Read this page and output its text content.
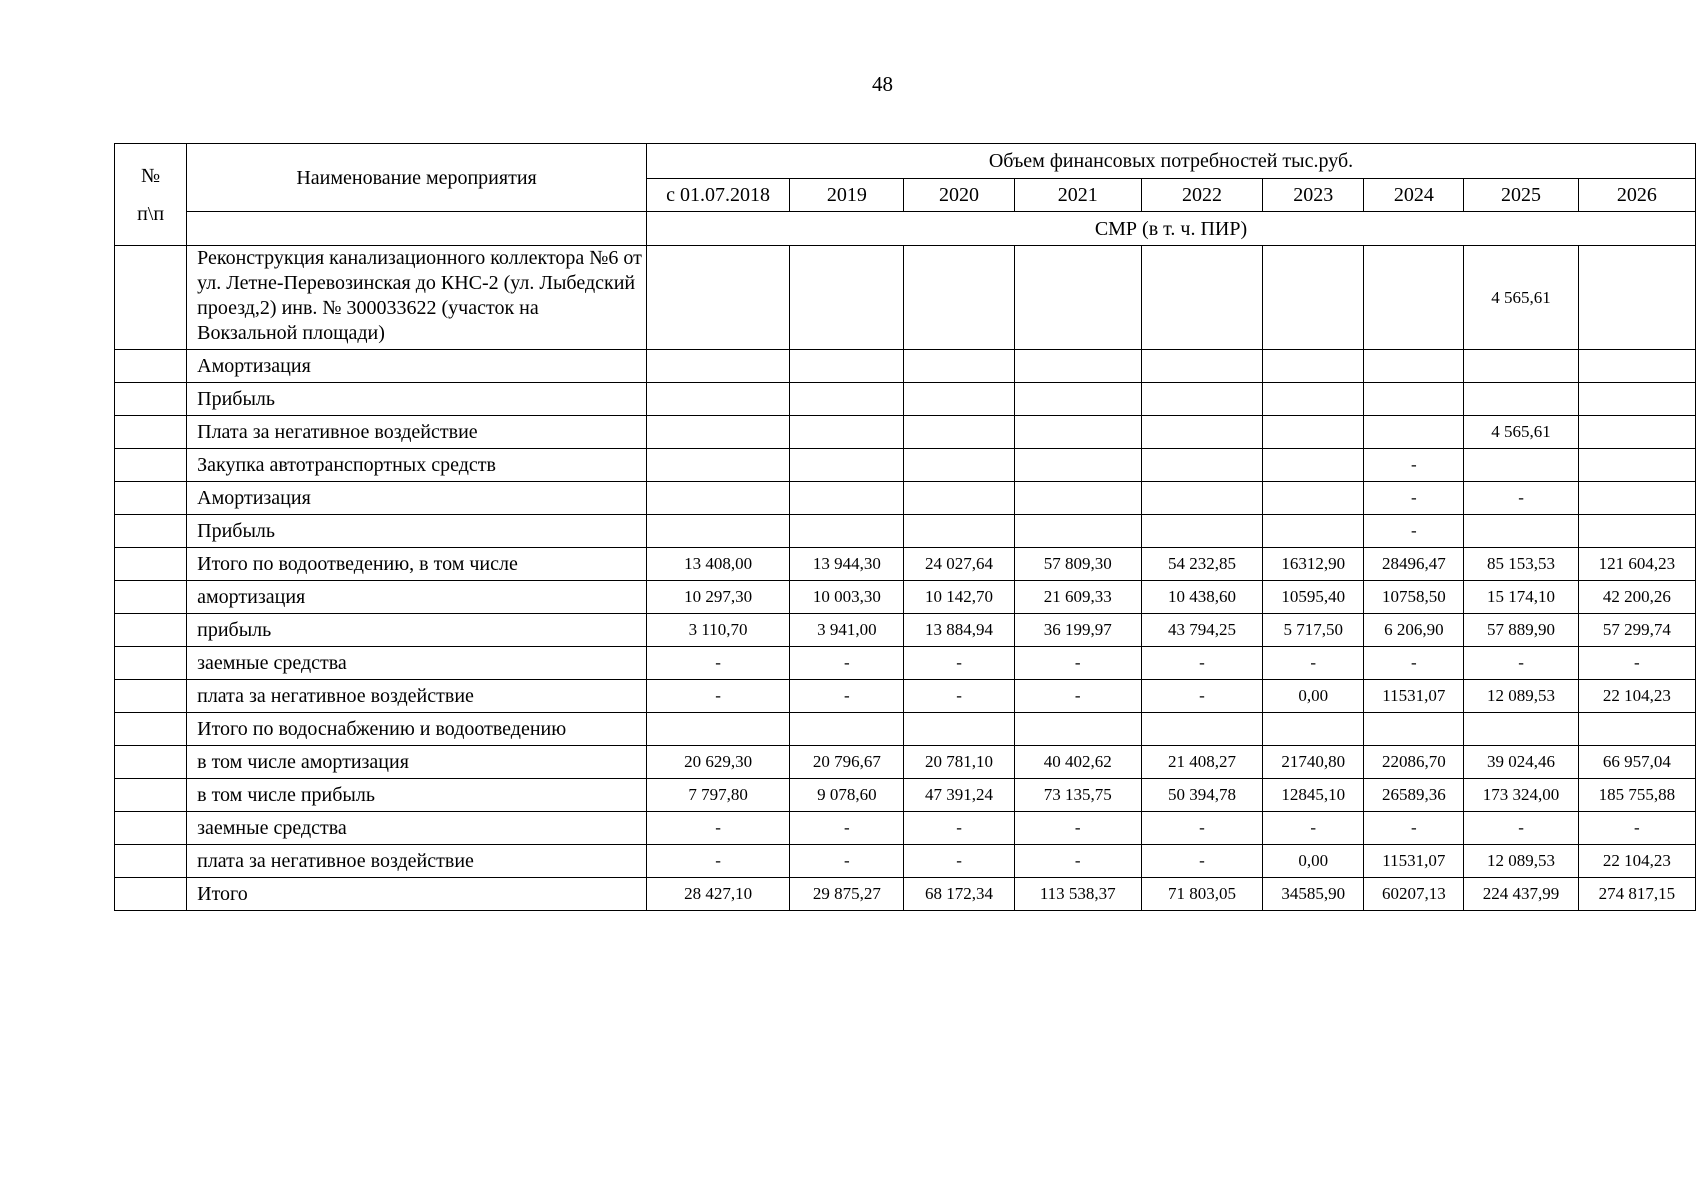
48
№
п\п	Наименование мероприятия	Объем финансовых потребностей тыс.руб.								
		с 01.07.2018	2019	2020	2021	2022	2023	2024	2025	2026
		СМР (в т. ч. ПИР)								
	Реконструкция канализационного коллектора №6 от ул. Летне-Перевозинская до КНС-2 (ул. Лыбедский проезд,2) инв. № 300033622 (участок на Вокзальной площади)								4 565,61	
	Амортизация									
	Прибыль									
	Плата за негативное воздействие								4 565,61	
	Закупка автотранспортных средств							-		
	Амортизация							-	-	
	Прибыль							-		
	Итого по водоотведению, в том числе	13 408,00	13 944,30	24 027,64	57 809,30	54 232,85	16312,90	28496,47	85 153,53	121 604,23
	амортизация	10 297,30	10 003,30	10 142,70	21 609,33	10 438,60	10595,40	10758,50	15 174,10	42 200,26
	прибыль	3 110,70	3 941,00	13 884,94	36 199,97	43 794,25	5 717,50	6 206,90	57 889,90	57 299,74
	заемные средства	-	-	-	-	-	-	-	-	-
	плата за негативное воздействие	-	-	-	-	-	0,00	11531,07	12 089,53	22 104,23
	Итого по водоснабжению и водоотведению									
	в том числе амортизация	20 629,30	20 796,67	20 781,10	40 402,62	21 408,27	21740,80	22086,70	39 024,46	66 957,04
	в том числе прибыль	7 797,80	9 078,60	47 391,24	73 135,75	50 394,78	12845,10	26589,36	173 324,00	185 755,88
	заемные средства	-	-	-	-	-	-	-	-	-
	плата за негативное воздействие	-	-	-	-	-	0,00	11531,07	12 089,53	22 104,23
	Итого	28 427,10	29 875,27	68 172,34	113 538,37	71 803,05	34585,90	60207,13	224 437,99	274 817,15
